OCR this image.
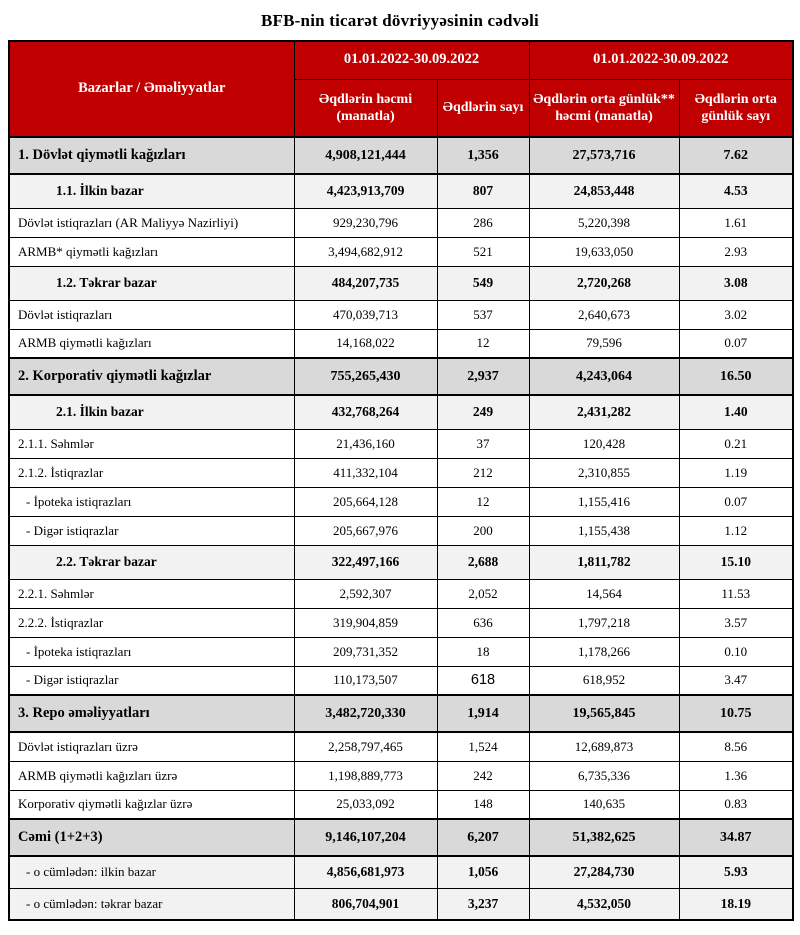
BFB-nin ticarət dövriyyəsinin cədvəli
Bazarlar / Əməliyyatlar	01.01.2022-30.09.2022		01.01.2022-30.09.2022	
	Əqdlərin həcmi (manatla)	Əqdlərin sayı	Əqdlərin orta günlük** həcmi (manatla)	Əqdlərin orta günlük sayı
1. Dövlət qiymətli kağızları	4,908,121,444	1,356	27,573,716	7.62
1.1. İlkin bazar	4,423,913,709	807	24,853,448	4.53
Dövlət istiqrazları (AR Maliyyə Nazirliyi)	929,230,796	286	5,220,398	1.61
ARMB* qiymətli kağızları	3,494,682,912	521	19,633,050	2.93
1.2. Təkrar bazar	484,207,735	549	2,720,268	3.08
Dövlət istiqrazları	470,039,713	537	2,640,673	3.02
ARMB qiymətli kağızları	14,168,022	12	79,596	0.07
2. Korporativ qiymətli kağızlar	755,265,430	2,937	4,243,064	16.50
2.1. İlkin bazar	432,768,264	249	2,431,282	1.40
2.1.1. Səhmlər	21,436,160	37	120,428	0.21
2.1.2. İstiqrazlar	411,332,104	212	2,310,855	1.19
- İpoteka istiqrazları	205,664,128	12	1,155,416	0.07
- Digər istiqrazlar	205,667,976	200	1,155,438	1.12
2.2. Təkrar bazar	322,497,166	2,688	1,811,782	15.10
2.2.1. Səhmlər	2,592,307	2,052	14,564	11.53
2.2.2. İstiqrazlar	319,904,859	636	1,797,218	3.57
- İpoteka istiqrazları	209,731,352	18	1,178,266	0.10
- Digər istiqrazlar	110,173,507	618	618,952	3.47
3. Repo əməliyyatları	3,482,720,330	1,914	19,565,845	10.75
Dövlət istiqrazları üzrə	2,258,797,465	1,524	12,689,873	8.56
ARMB qiymətli kağızları üzrə	1,198,889,773	242	6,735,336	1.36
Korporativ qiymətli kağızlar üzrə	25,033,092	148	140,635	0.83
Cəmi (1+2+3)	9,146,107,204	6,207	51,382,625	34.87
- o cümlədən: ilkin bazar	4,856,681,973	1,056	27,284,730	5.93
- o cümlədən: təkrar bazar	806,704,901	3,237	4,532,050	18.19
